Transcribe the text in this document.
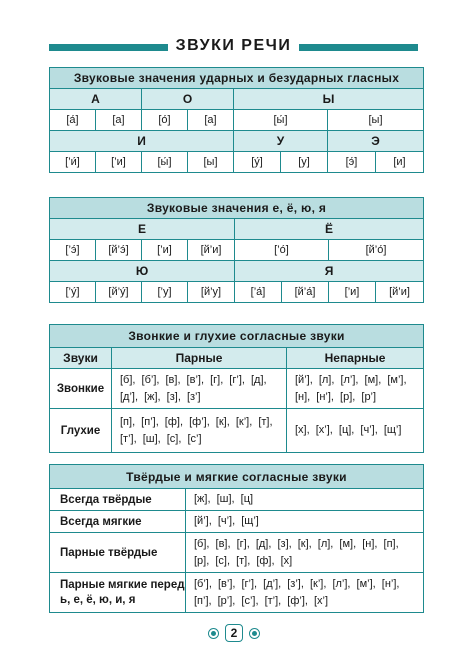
ЗВУКИ РЕЧИ
Звуковые значения ударных и безударных гласных							
А		О		Ы			
[а́]	[а]	[о́]	[а]	[ы́]		[ы]	
И				У		Э	
[’и́]	[’и]	[ы́]	[ы]	[у́]	[у]	[э́]	[и]
Звуковые значения е, ё, ю, я							
Е				Ё			
[’э́]	[й’э́]	[’и]	[й’и]	[’о́]		[й’о́]	
Ю				Я			
[’у́]	[й’у́]	[’у]	[й’у]	[’а́]	[й’а́]	[’и]	[й’и]
Звонкие и глухие согласные звуки		
Звуки	Парные	Непарные
Звонкие	[б], [б’], [в], [в’], [г], [г’], [д], [д’], [ж], [з], [з’]	[й’], [л], [л’], [м], [м’], [н], [н’], [р], [р’]
Глухие	[п], [п’], [ф], [ф’], [к], [к’], [т], [т’], [ш], [с], [с’]	[х], [х’], [ц], [ч’], [щ’]
Твёрдые и мягкие согласные звуки	
Всегда твёрдые	[ж], [ш], [ц]
Всегда мягкие	[й’], [ч’], [щ’]
Парные твёрдые	[б], [в], [г], [д], [з], [к], [л], [м], [н], [п], [р], [с], [т], [ф], [х]
Парные мягкие перед ь, е, ё, ю, и, я	[б’], [в’], [г’], [д’], [з’], [к’], [л’], [м’], [н’], [п’], [р’], [с’], [т’], [ф’], [х’]
2
